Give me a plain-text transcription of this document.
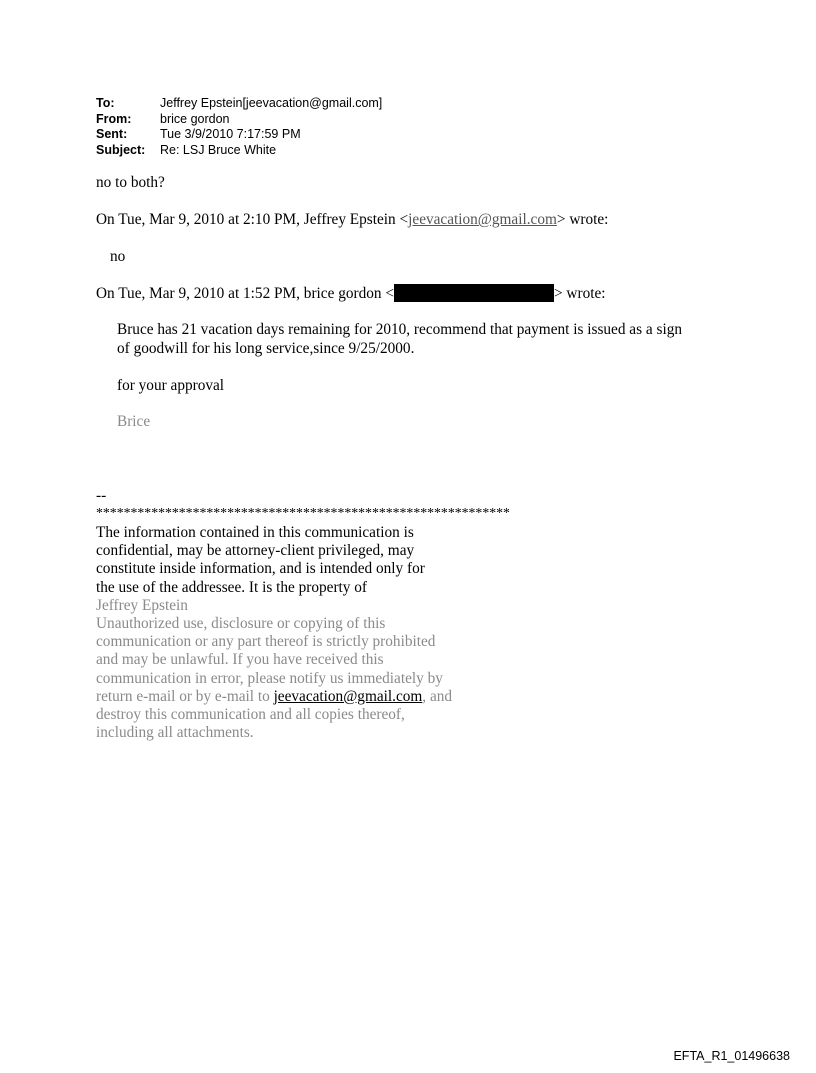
To:	Jeffrey Epstein[jeevacation@gmail.com]
From:	brice gordon
Sent:	Tue 3/9/2010 7:17:59 PM
Subject:	Re: LSJ Bruce White
no to both?
On Tue, Mar 9, 2010 at 2:10 PM, Jeffrey Epstein <jeevacation@gmail.com> wrote:
no
On Tue, Mar 9, 2010 at 1:52 PM, brice gordon <	> wrote:
Bruce has 21 vacation days remaining for 2010, recommend that payment is issued as a sign
of goodwill for his long service,since 9/25/2000.
for your approval
Brice
--
************************************************************
The information contained in this communication is
confidential, may be attorney-client privileged, may
constitute inside information, and is intended only for
the use of the addressee. It is the property of
Jeffrey Epstein
Unauthorized use, disclosure or copying of this
communication or any part thereof is strictly prohibited
and may be unlawful. If you have received this
communication in error, please notify us immediately by
return e-mail or by e-mail to jeevacation@gmail.com, and
destroy this communication and all copies thereof,
including all attachments.
EFTA_R1_01496638
